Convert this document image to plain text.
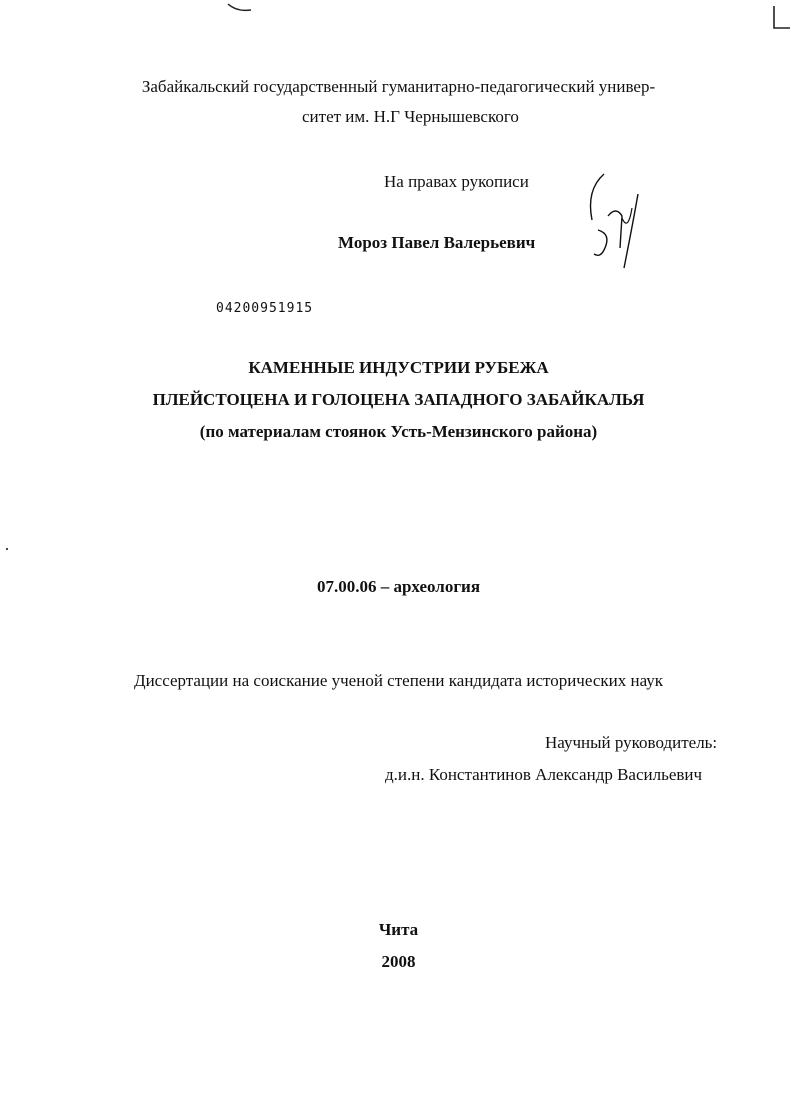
Забайкальский государственный гуманитарно-педагогический универ-
ситет им. Н.Г Чернышевского
На правах рукописи
Мороз Павел Валерьевич
04200951915
КАМЕННЫЕ ИНДУСТРИИ РУБЕЖА
ПЛЕЙСТОЦЕНА И ГОЛОЦЕНА ЗАПАДНОГО ЗАБАЙКАЛЬЯ
(по материалам стоянок Усть-Мензинского района)
07.00.06 – археология
Диссертации на соискание ученой степени кандидата исторических наук
Научный руководитель:
д.и.н. Константинов Александр Васильевич
Чита
2008
